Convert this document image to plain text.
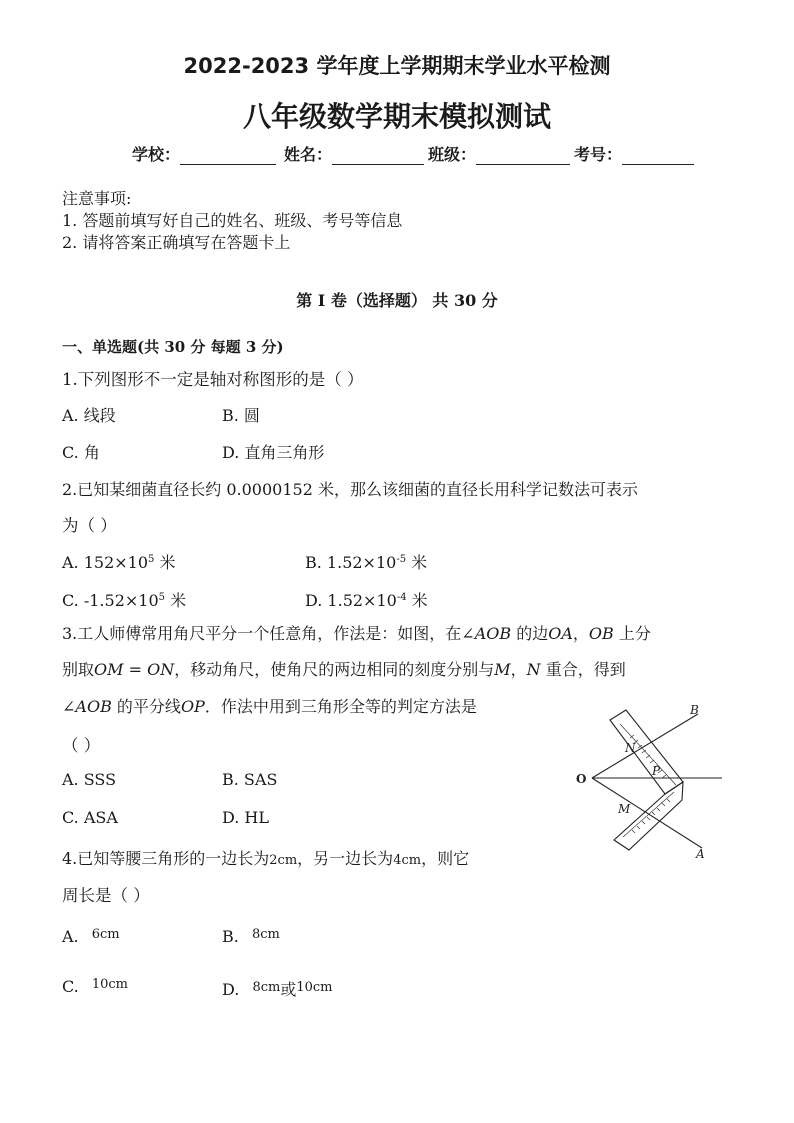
2022-2023 学年度上学期期末学业水平检测
八年级数学期末模拟测试
学校：	姓名：	班级：	考号：
注意事项:
1. 答题前填写好自己的姓名、班级、考号等信息
2. 请将答案正确填写在答题卡上
第 I 卷（选择题） 共 30 分
一、单选题(共 30 分 每题 3 分)
1.下列图形不一定是轴对称图形的是（ ）
A. 线段	B. 圆
C. 角	D. 直角三角形
2.已知某细菌直径长约 0.0000152 米，那么该细菌的直径长用科学记数法可表示
为（ ）
A. $152\times 10^5$ 米	B. $1.52\times 10^{-5}$ 米
C. $-1.52\times 10^5$ 米	D. $1.52\times 10^{-4}$ 米
3.工人师傅常用角尺平分一个任意角，作法是：如图，在∠AOB 的边OA，OB 上分
别取OM = ON，移动角尺，使角尺的两边相同的刻度分别与M，N 重合，得到
∠AOB 的平分线OP．作法中用到三角形全等的判定方法是
（ ）
A. SSS	B. SAS
C. ASA	D. HL
B
N
O
P
M
A
4.已知等腰三角形的一边长为2cm，另一边长为4cm，则它
周长是（ ）
A. $^{6cm}$	B. $^{8cm}$
C. $^{10cm}$	D. $^{8cm}$或$^{10cm}$
